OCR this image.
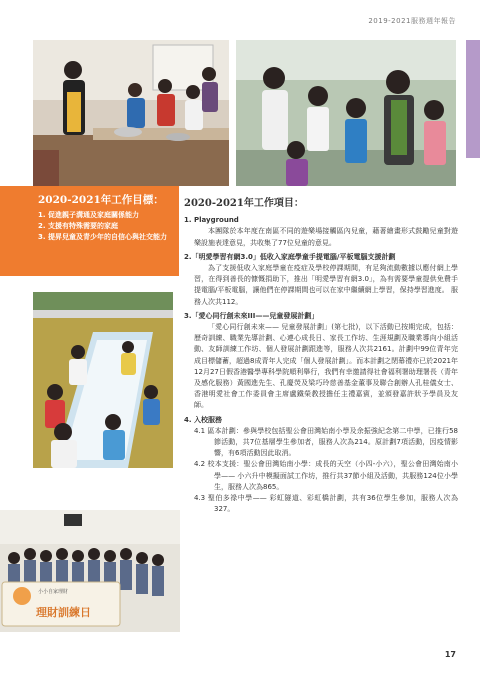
2019-2021服務週年報告
2020-2021年工作目標：
1. 促進親子溝通及家庭關係能力
2. 支援有特殊需要的家庭
3. 提昇兒童及青少年的自信心與社交能力
小小自家理財
理財訓練日
2020-2021年工作項目：
1. Playground

本團隊於本年度在南區不同的遊樂場接觸區內兒童，藉著繪畫形式鼓勵兒童對遊樂設施表達意見，共收集了77位兒童的意見。

2.「明愛學習有網3.0」低收入家庭學童手提電腦/平板電腦支援計劃

為了支援低收入家庭學童在疫症及學校停課期間，有足夠流動數據以應付網上學習，在得到善長的慷慨捐助下，推出「明愛學習有網3.0」，為有需要學童提供免費手提電腦/平板電腦，讓他們在停課期間也可以在家中繼續網上學習，保持學習進度。 服務人次共112。

3.「愛心同行創未來III——兒童發展計劃」

「愛心同行創未來—— 兒童發展計劃」(第七批)，以下活動已按期完成，包括：歷奇訓練、職業先導計劃、心連心成長日、家長工作坊、生涯規劃及職業導向小組活動、友師訓練工作坊、個人發展計劃跟進等，服務人次共2161。計劃中99位青年完成目標儲蓄，超過8成青年人完成「個人發展計劃」。而本計劃之閉幕禮亦已於2021年12月27日假香港醫學專科學院順利舉行，我們有幸邀請得社會福利署助理署長（青年及感化服務）黃國進先生、孔慶熒及梁巧玲慈善基金董事及聯合創辦人孔桂儀女士、香港明愛社會工作委員會主席盧鐵榮教授擔任主禮嘉賓，並頒發嘉許狀予學員及友師。

4. 入校服務

4.1 區本計劃：參與學校包括聖公會田灣始南小學及余振強紀念第二中學，已推行58節活動，共7位基層學生參加者，服務人次為214。原計劃7項活動，因疫情影響，有6項活動因此取消。

4.2 校本支援：聖公會田灣始南小學：成長的天空（小四-小六），聖公會田灣始南小學—— 小六升中模擬面試工作坊，推行共37節小組及活動，共服務124位小學生，服務人次為865。

4.3 聖伯多祿中學—— 彩虹隧道、彩虹橋計劃，共有36位學生參加，服務人次為327。

17
